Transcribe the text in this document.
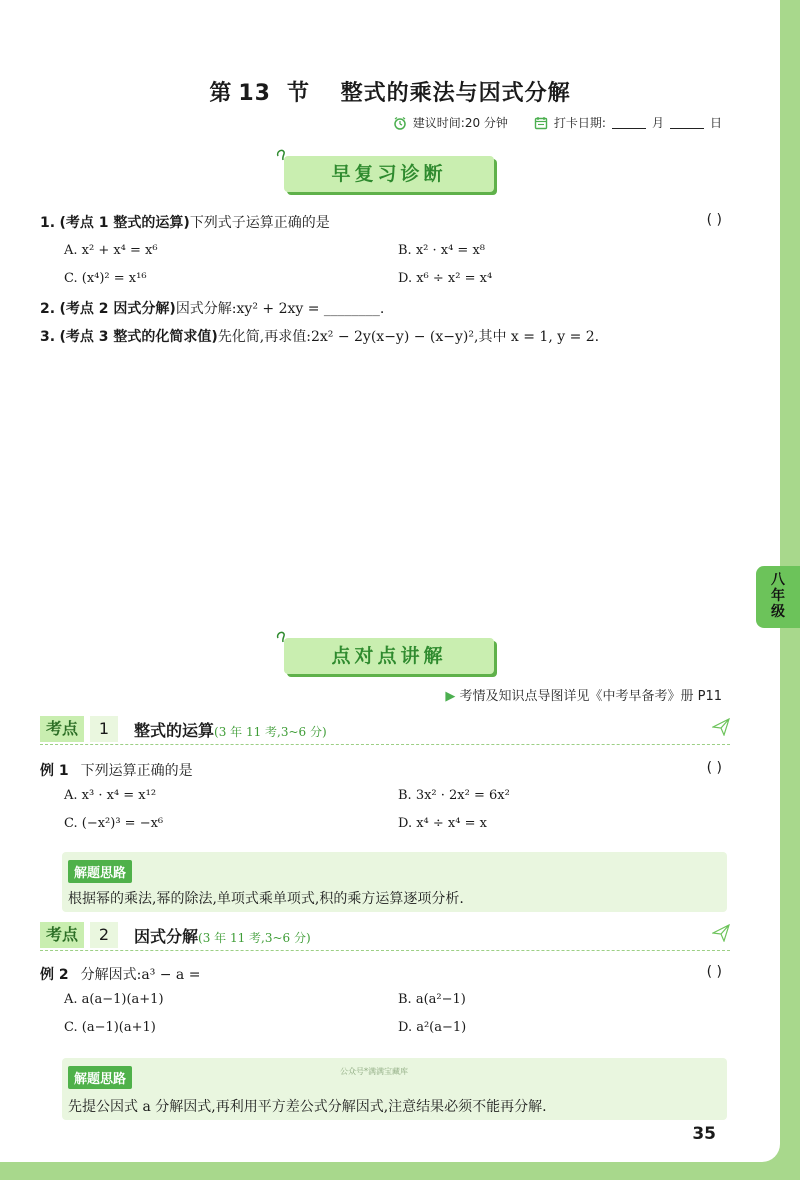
第 13 节 整式的乘法与因式分解
建议时间:20 分钟	打卡日期:	月	日
早复习诊断
1. (考点 1 整式的运算)下列式子运算正确的是	( )
A. x² + x⁴ = x⁶	B. x² · x⁴ = x⁸
C. (x⁴)² = x¹⁶	D. x⁶ ÷ x² = x⁴
2. (考点 2 因式分解)因式分解:xy² + 2xy = ________.
3. (考点 3 整式的化简求值)先化简,再求值:2x² − 2y(x−y) − (x−y)²,其中 x = 1, y = 2.
点对点讲解
▶ 考情及知识点导图详见《中考早备考》册 P11
考点	1	整式的运算(3 年 11 考,3~6 分)
例 1 下列运算正确的是	( )
A. x³ · x⁴ = x¹²	B. 3x² · 2x² = 6x²
C. (−x²)³ = −x⁶	D. x⁴ ÷ x⁴ = x
解题思路
根据幂的乘法,幂的除法,单项式乘单项式,积的乘方运算逐项分析.
考点	2	因式分解(3 年 11 考,3~6 分)
例 2 分解因式:a³ − a =	( )
A. a(a−1)(a+1)	B. a(a²−1)
C. (a−1)(a+1)	D. a²(a−1)
解题思路
先提公因式 a 分解因式,再利用平方差公式分解因式,注意结果必须不能再分解.
公众号*满满宝藏库
35
八
年
级
